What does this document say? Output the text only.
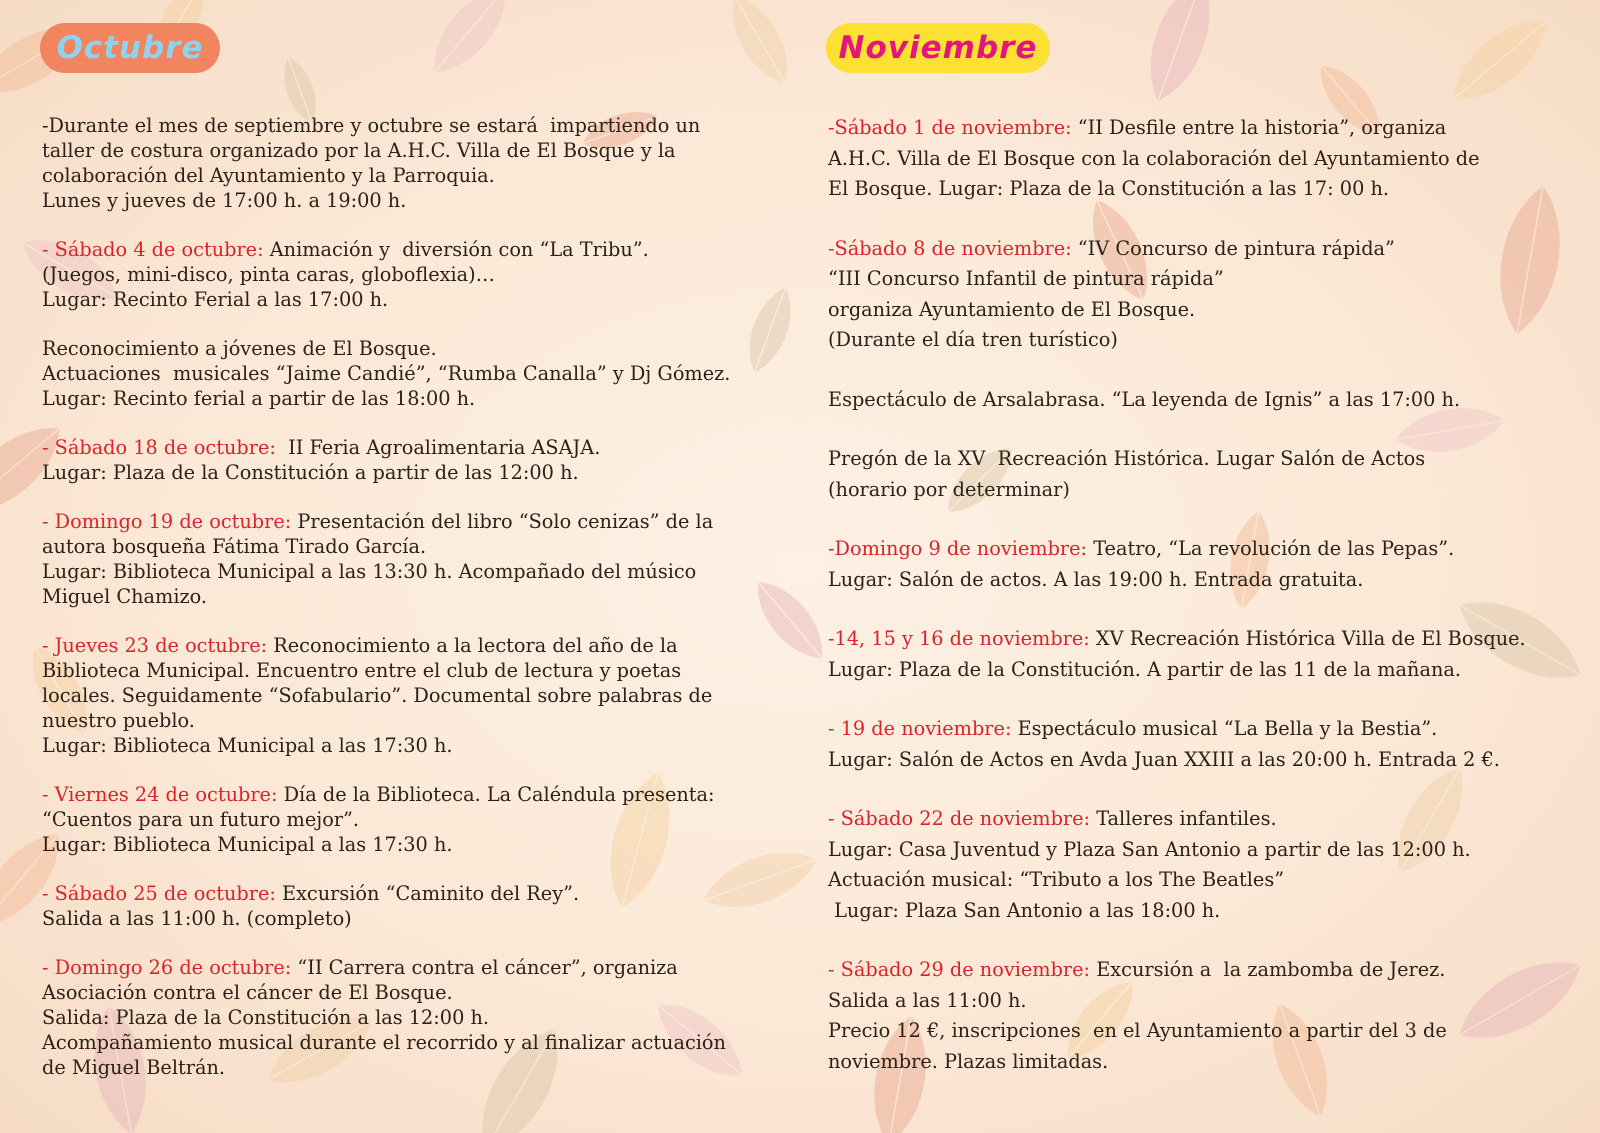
Octubre
-Durante el mes de septiembre y octubre se estará  impartiendo un
taller de costura organizado por la A.H.C. Villa de El Bosque y la
colaboración del Ayuntamiento y la Parroquia.
Lunes y jueves de 17:00 h. a 19:00 h.
- Sábado 4 de octubre: Animación y  diversión con “La Tribu”.
(Juegos, mini-disco, pinta caras, globoflexia)…
Lugar: Recinto Ferial a las 17:00 h.
Reconocimiento a jóvenes de El Bosque.
Actuaciones  musicales “Jaime Candié”, “Rumba Canalla” y Dj Gómez.
Lugar: Recinto ferial a partir de las 18:00 h.
- Sábado 18 de octubre:  II Feria Agroalimentaria ASAJA.
Lugar: Plaza de la Constitución a partir de las 12:00 h.
- Domingo 19 de octubre: Presentación del libro “Solo cenizas” de la
autora bosqueña Fátima Tirado García.
Lugar: Biblioteca Municipal a las 13:30 h. Acompañado del músico
Miguel Chamizo.
- Jueves 23 de octubre: Reconocimiento a la lectora del año de la
Biblioteca Municipal. Encuentro entre el club de lectura y poetas
locales. Seguidamente “Sofabulario”. Documental sobre palabras de
nuestro pueblo.
Lugar: Biblioteca Municipal a las 17:30 h.
- Viernes 24 de octubre: Día de la Biblioteca. La Caléndula presenta:
“Cuentos para un futuro mejor”.
Lugar: Biblioteca Municipal a las 17:30 h.
- Sábado 25 de octubre: Excursión “Caminito del Rey”.
Salida a las 11:00 h. (completo)
- Domingo 26 de octubre: “II Carrera contra el cáncer”, organiza
Asociación contra el cáncer de El Bosque.
Salida: Plaza de la Constitución a las 12:00 h.
Acompañamiento musical durante el recorrido y al finalizar actuación
de Miguel Beltrán.
Noviembre
-Sábado 1 de noviembre: “II Desfile entre la historia”, organiza
A.H.C. Villa de El Bosque con la colaboración del Ayuntamiento de
El Bosque. Lugar: Plaza de la Constitución a las 17: 00 h.
-Sábado 8 de noviembre: “IV Concurso de pintura rápida”
“III Concurso Infantil de pintura rápida”
organiza Ayuntamiento de El Bosque.
(Durante el día tren turístico)
Espectáculo de Arsalabrasa. “La leyenda de Ignis” a las 17:00 h.
Pregón de la XV  Recreación Histórica. Lugar Salón de Actos
(horario por determinar)
-Domingo 9 de noviembre: Teatro, “La revolución de las Pepas”.
Lugar: Salón de actos. A las 19:00 h. Entrada gratuita.
-14, 15 y 16 de noviembre: XV Recreación Histórica Villa de El Bosque.
Lugar: Plaza de la Constitución. A partir de las 11 de la mañana.
- 19 de noviembre: Espectáculo musical “La Bella y la Bestia”.
Lugar: Salón de Actos en Avda Juan XXIII a las 20:00 h. Entrada 2 €.
- Sábado 22 de noviembre: Talleres infantiles.
Lugar: Casa Juventud y Plaza San Antonio a partir de las 12:00 h.
Actuación musical: “Tributo a los The Beatles”
Lugar: Plaza San Antonio a las 18:00 h.
- Sábado 29 de noviembre: Excursión a  la zambomba de Jerez.
Salida a las 11:00 h.
Precio 12 €, inscripciones  en el Ayuntamiento a partir del 3 de
noviembre. Plazas limitadas.
